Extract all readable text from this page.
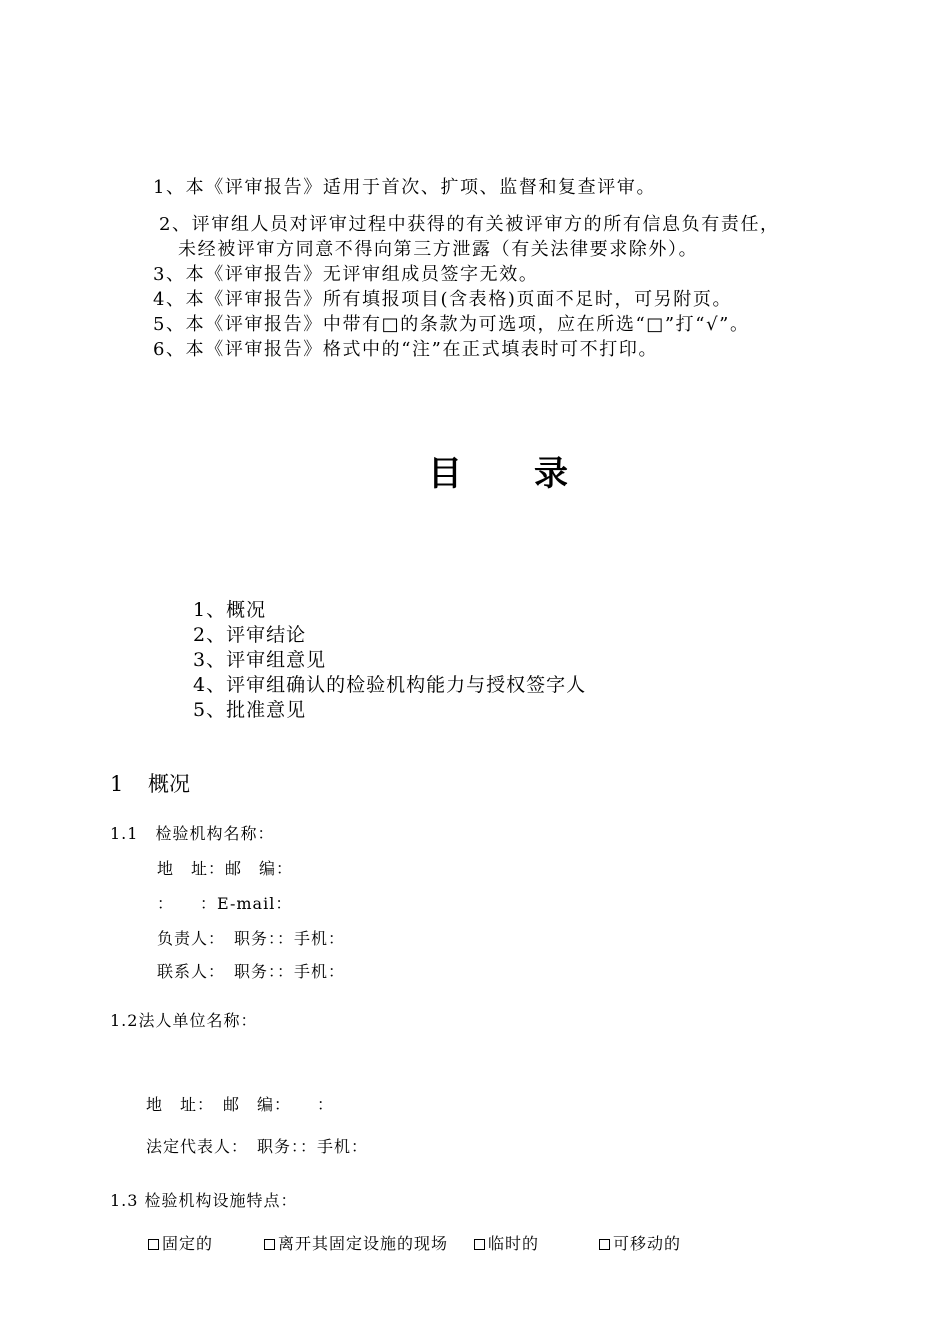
1、本《评审报告》适用于首次、扩项、监督和复查评审。
2、评审组人员对评审过程中获得的有关被评审方的所有信息负有责任，
未经被评审方同意不得向第三方泄露（有关法律要求除外）。
3、本《评审报告》无评审组成员签字无效。
4、本《评审报告》所有填报项目(含表格)页面不足时，可另附页。
5、本《评审报告》中带有□的条款为可选项，应在所选“□”打“√”。
6、本《评审报告》格式中的“注”在正式填表时可不打印。
目 录
1、概况
2、评审结论
3、评审组意见
4、评审组确认的检验机构能力与授权签字人
5、批准意见
1 概况
1.1　检验机构名称：
地　址：邮　编：
：　　：E-mail：
负责人：　职务：：手机：
联系人：　职务：：手机：
1.2法人单位名称：
地　址：　邮　编：　　：
法定代表人：　职务：：手机：
1.3 检验机构设施特点：
固定的	离开其固定设施的现场	临时的	可移动的
